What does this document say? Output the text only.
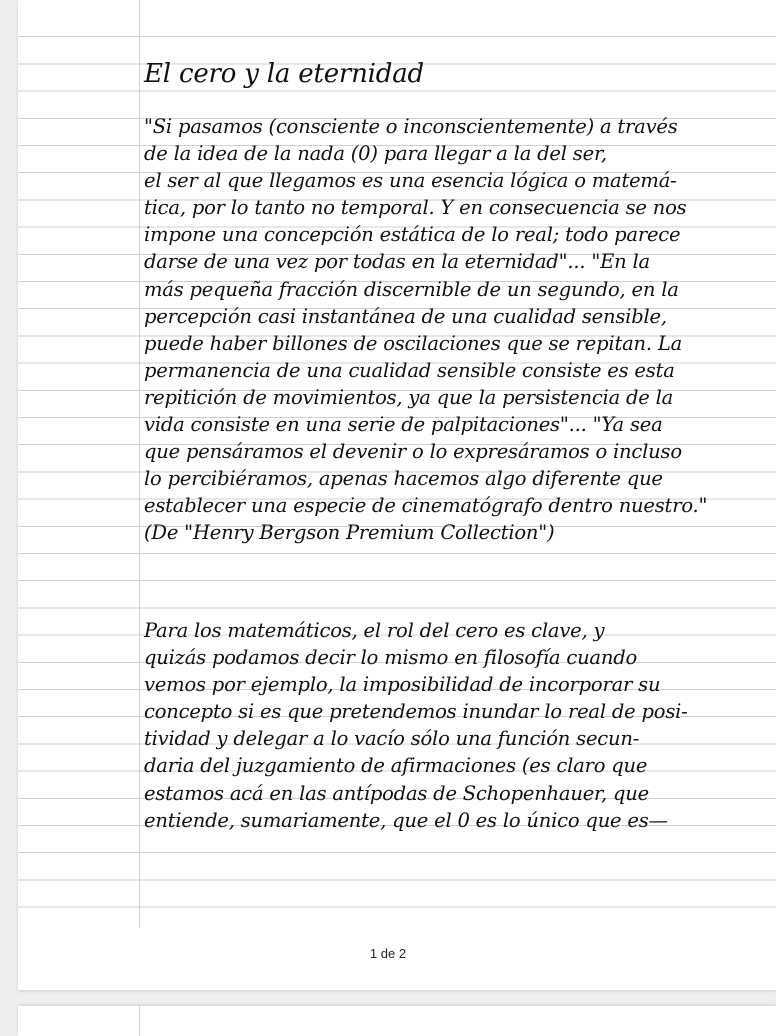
El cero y la eternidad
"Si pasamos (consciente o inconscientemente) a través
de la idea de la nada (0) para llegar a la del ser,
el ser al que llegamos es una esencia lógica o matemá-
tica, por lo tanto no temporal. Y en consecuencia se nos
impone una concepción estática de lo real; todo parece
darse de una vez por todas en la eternidad"... "En la
más pequeña fracción discernible de un segundo, en la
percepción casi instantánea de una cualidad sensible,
puede haber billones de oscilaciones que se repitan. La
permanencia de una cualidad sensible consiste es esta
repitición de movimientos, ya que la persistencia de la
vida consiste en una serie de palpitaciones"... "Ya sea
que pensáramos el devenir o lo expresáramos o incluso
lo percibiéramos, apenas hacemos algo diferente que
establecer una especie de cinematógrafo dentro nuestro."
(De "Henry Bergson Premium Collection")
Para los matemáticos, el rol del cero es clave, y
quizás podamos decir lo mismo en filosofía cuando
vemos por ejemplo, la imposibilidad de incorporar su
concepto si es que pretendemos inundar lo real de posi-
tividad y delegar a lo vacío sólo una función secun-
daria del juzgamiento de afirmaciones (es claro que
estamos acá en las antípodas de Schopenhauer, que
entiende, sumariamente, que el 0 es lo único que es—
1 de 2
